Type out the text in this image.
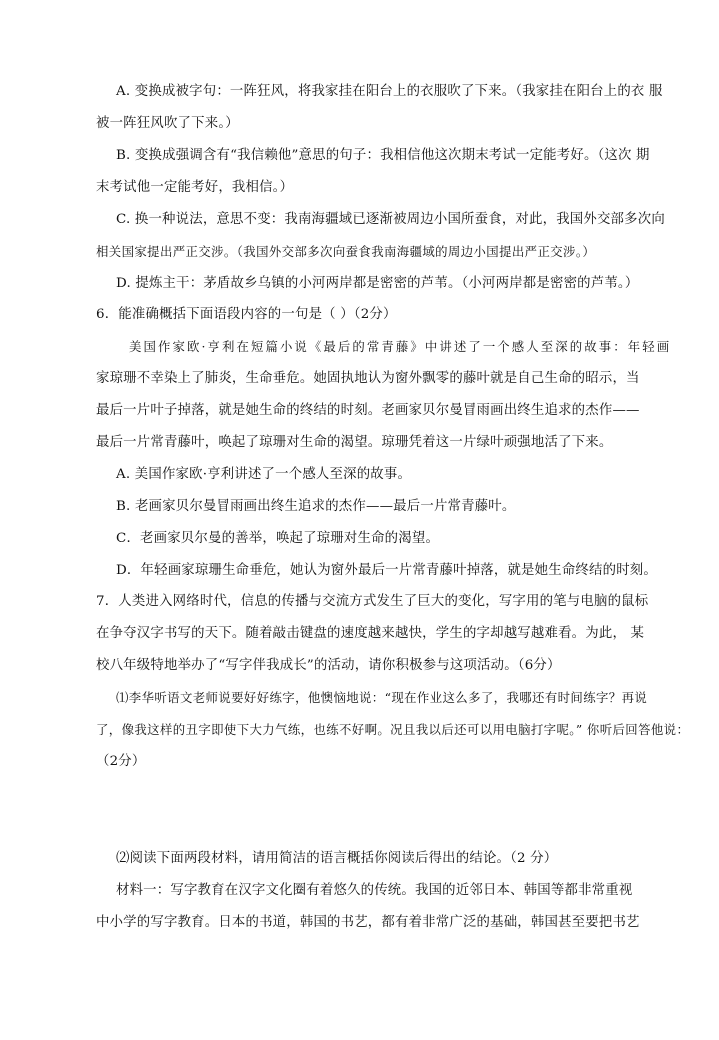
A. 变换成被字句：一阵狂风，将我家挂在阳台上的衣服吹了下来。（我家挂在阳台上的衣 服
被一阵狂风吹了下来。）
B. 变换成强调含有“我信赖他”意思的句子：我相信他这次期末考试一定能考好。（这次 期
末考试他一定能考好，我相信。）
C. 换一种说法，意思不变：我南海疆域已逐渐被周边小国所蚕食，对此，我国外交部多次向
相关国家提出严正交涉。（我国外交部多次向蚕食我南海疆域的周边小国提出严正交涉。）
D. 提炼主干：茅盾故乡乌镇的小河两岸都是密密的芦苇。（小河两岸都是密密的芦苇。）
6．能准确概括下面语段内容的一句是（ ）（2分）
美国作家欧·亨利在短篇小说《最后的常青藤》中讲述了一个感人至深的故事：年轻画
家琼珊不幸染上了肺炎，生命垂危。她固执地认为窗外飘零的藤叶就是自己生命的昭示，当
最后一片叶子掉落，就是她生命的终结的时刻。老画家贝尔曼冒雨画出终生追求的杰作——
最后一片常青藤叶，唤起了琼珊对生命的渴望。琼珊凭着这一片绿叶顽强地活了下来。
A. 美国作家欧·亨利讲述了一个感人至深的故事。
B. 老画家贝尔曼冒雨画出终生追求的杰作——最后一片常青藤叶。
C．老画家贝尔曼的善举，唤起了琼珊对生命的渴望。
D．年轻画家琼珊生命垂危，她认为窗外最后一片常青藤叶掉落，就是她生命终结的时刻。
7．人类进入网络时代，信息的传播与交流方式发生了巨大的变化，写字用的笔与电脑的鼠标
在争夺汉字书写的天下。随着敲击键盘的速度越来越快，学生的字却越写越难看。为此， 某
校八年级特地举办了“写字伴我成长”的活动，请你积极参与这项活动。（6分）
⑴李华听语文老师说要好好练字，他懊恼地说：“现在作业这么多了，我哪还有时间练字？再说
了，像我这样的丑字即使下大力气练，也练不好啊。况且我以后还可以用电脑打字呢。” 你听后回答他说：
（2分）
⑵阅读下面两段材料，请用简洁的语言概括你阅读后得出的结论。（2 分）
材料一：写字教育在汉字文化圈有着悠久的传统。我国的近邻日本、韩国等都非常重视
中小学的写字教育。日本的书道，韩国的书艺，都有着非常广泛的基础，韩国甚至要把书艺
